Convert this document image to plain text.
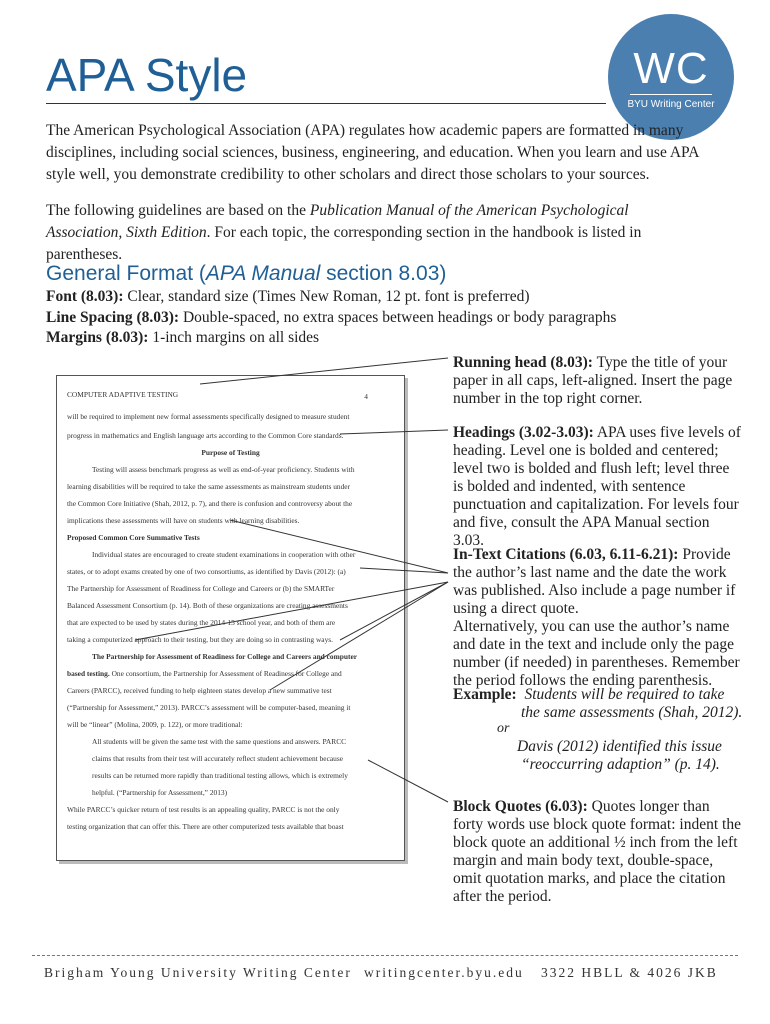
APA Style	WC
BYU Writing Center

The American Psychological Association (APA) regulates how academic papers are formatted in many disciplines, including social sciences, business, engineering, and education. When you learn and use APA style well, you demonstrate credibility to other scholars and direct those scholars to your sources.

The following guidelines are based on the Publication Manual of the American Psychological Association, Sixth Edition. For each topic, the corresponding section in the handbook is listed in parentheses.

General Format (APA Manual section 8.03)

Font (8.03): Clear, standard size (Times New Roman, 12 pt. font is preferred)

Line Spacing (8.03): Double-spaced, no extra spaces between headings or body paragraphs

Margins (8.03): 1-inch margins on all sides

COMPUTER ADAPTIVE TESTING	4
will be required to implement new formal assessments specifically designed to measure student
progress in mathematics and English language arts according to the Common Core standards.
Purpose of Testing
Testing will assess benchmark progress as well as end-of-year proficiency. Students with
learning disabilities will be required to take the same assessments as mainstream students under
the Common Core Initiative (Shah, 2012, p. 7), and there is confusion and controversy about the
implications these assessments will have on students with learning disabilities.
Proposed Common Core Summative Tests
Individual states are encouraged to create student examinations in cooperation with other
states, or to adopt exams created by one of two consortiums, as identified by Davis (2012): (a)
The Partnership for Assessment of Readiness for College and Careers or (b) the SMARTer
Balanced Assessment Consortium (p. 14). Both of these organizations are creating assessments
that are expected to be used by states during the 2014-15 school year, and both of them are
taking a computerized approach to their testing, but they are doing so in contrasting ways.
The Partnership for Assessment of Readiness for College and Careers and computer
based testing. One consortium, the Partnership for Assessment of Readiness for College and
Careers (PARCC), received funding to help eighteen states develop a new summative test
(“Partnership for Assessment,” 2013). PARCC’s assessment will be computer-based, meaning it
will be “linear” (Molina, 2009, p. 122), or more traditional:
All students will be given the same test with the same questions and answers. PARCC
claims that results from their test will accurately reflect student achievement because
results can be returned more rapidly than traditional testing allows, which is extremely
helpful. (“Partnership for Assessment,” 2013)
While PARCC’s quicker return of test results is an appealing quality, PARCC is not the only
testing organization that can offer this. There are other computerized tests available that boast

Running head (8.03): Type the title of your paper in all caps, left-aligned. Insert the page number in the top right corner.

Headings (3.02-3.03): APA uses five levels of heading. Level one is bolded and centered; level two is bolded and flush left; level three is bolded and indented, with sentence punctuation and capitalization. For levels four and five, consult the APA Manual section 3.03.

In-Text Citations (6.03, 6.11-6.21): Provide the author’s last name and the date the work was published. Also include a page number if using a direct quote.
Alternatively, you can use the author’s name and date in the text and include only the page number (if needed) in parentheses. Remember the period follows the ending parenthesis.

Example: Students will be required to take

the same assessments (Shah, 2012).

or

Davis (2012) identified this issue

“reoccurring adaption” (p. 14).

Block Quotes (6.03): Quotes longer than forty words use block quote format: indent the block quote an additional ½ inch from the left margin and main body text, double-space, omit quotation marks, and place the citation after the period.

Brigham Young University Writing Center writingcenter.byu.edu 3322 HBLL & 4026 JKB
